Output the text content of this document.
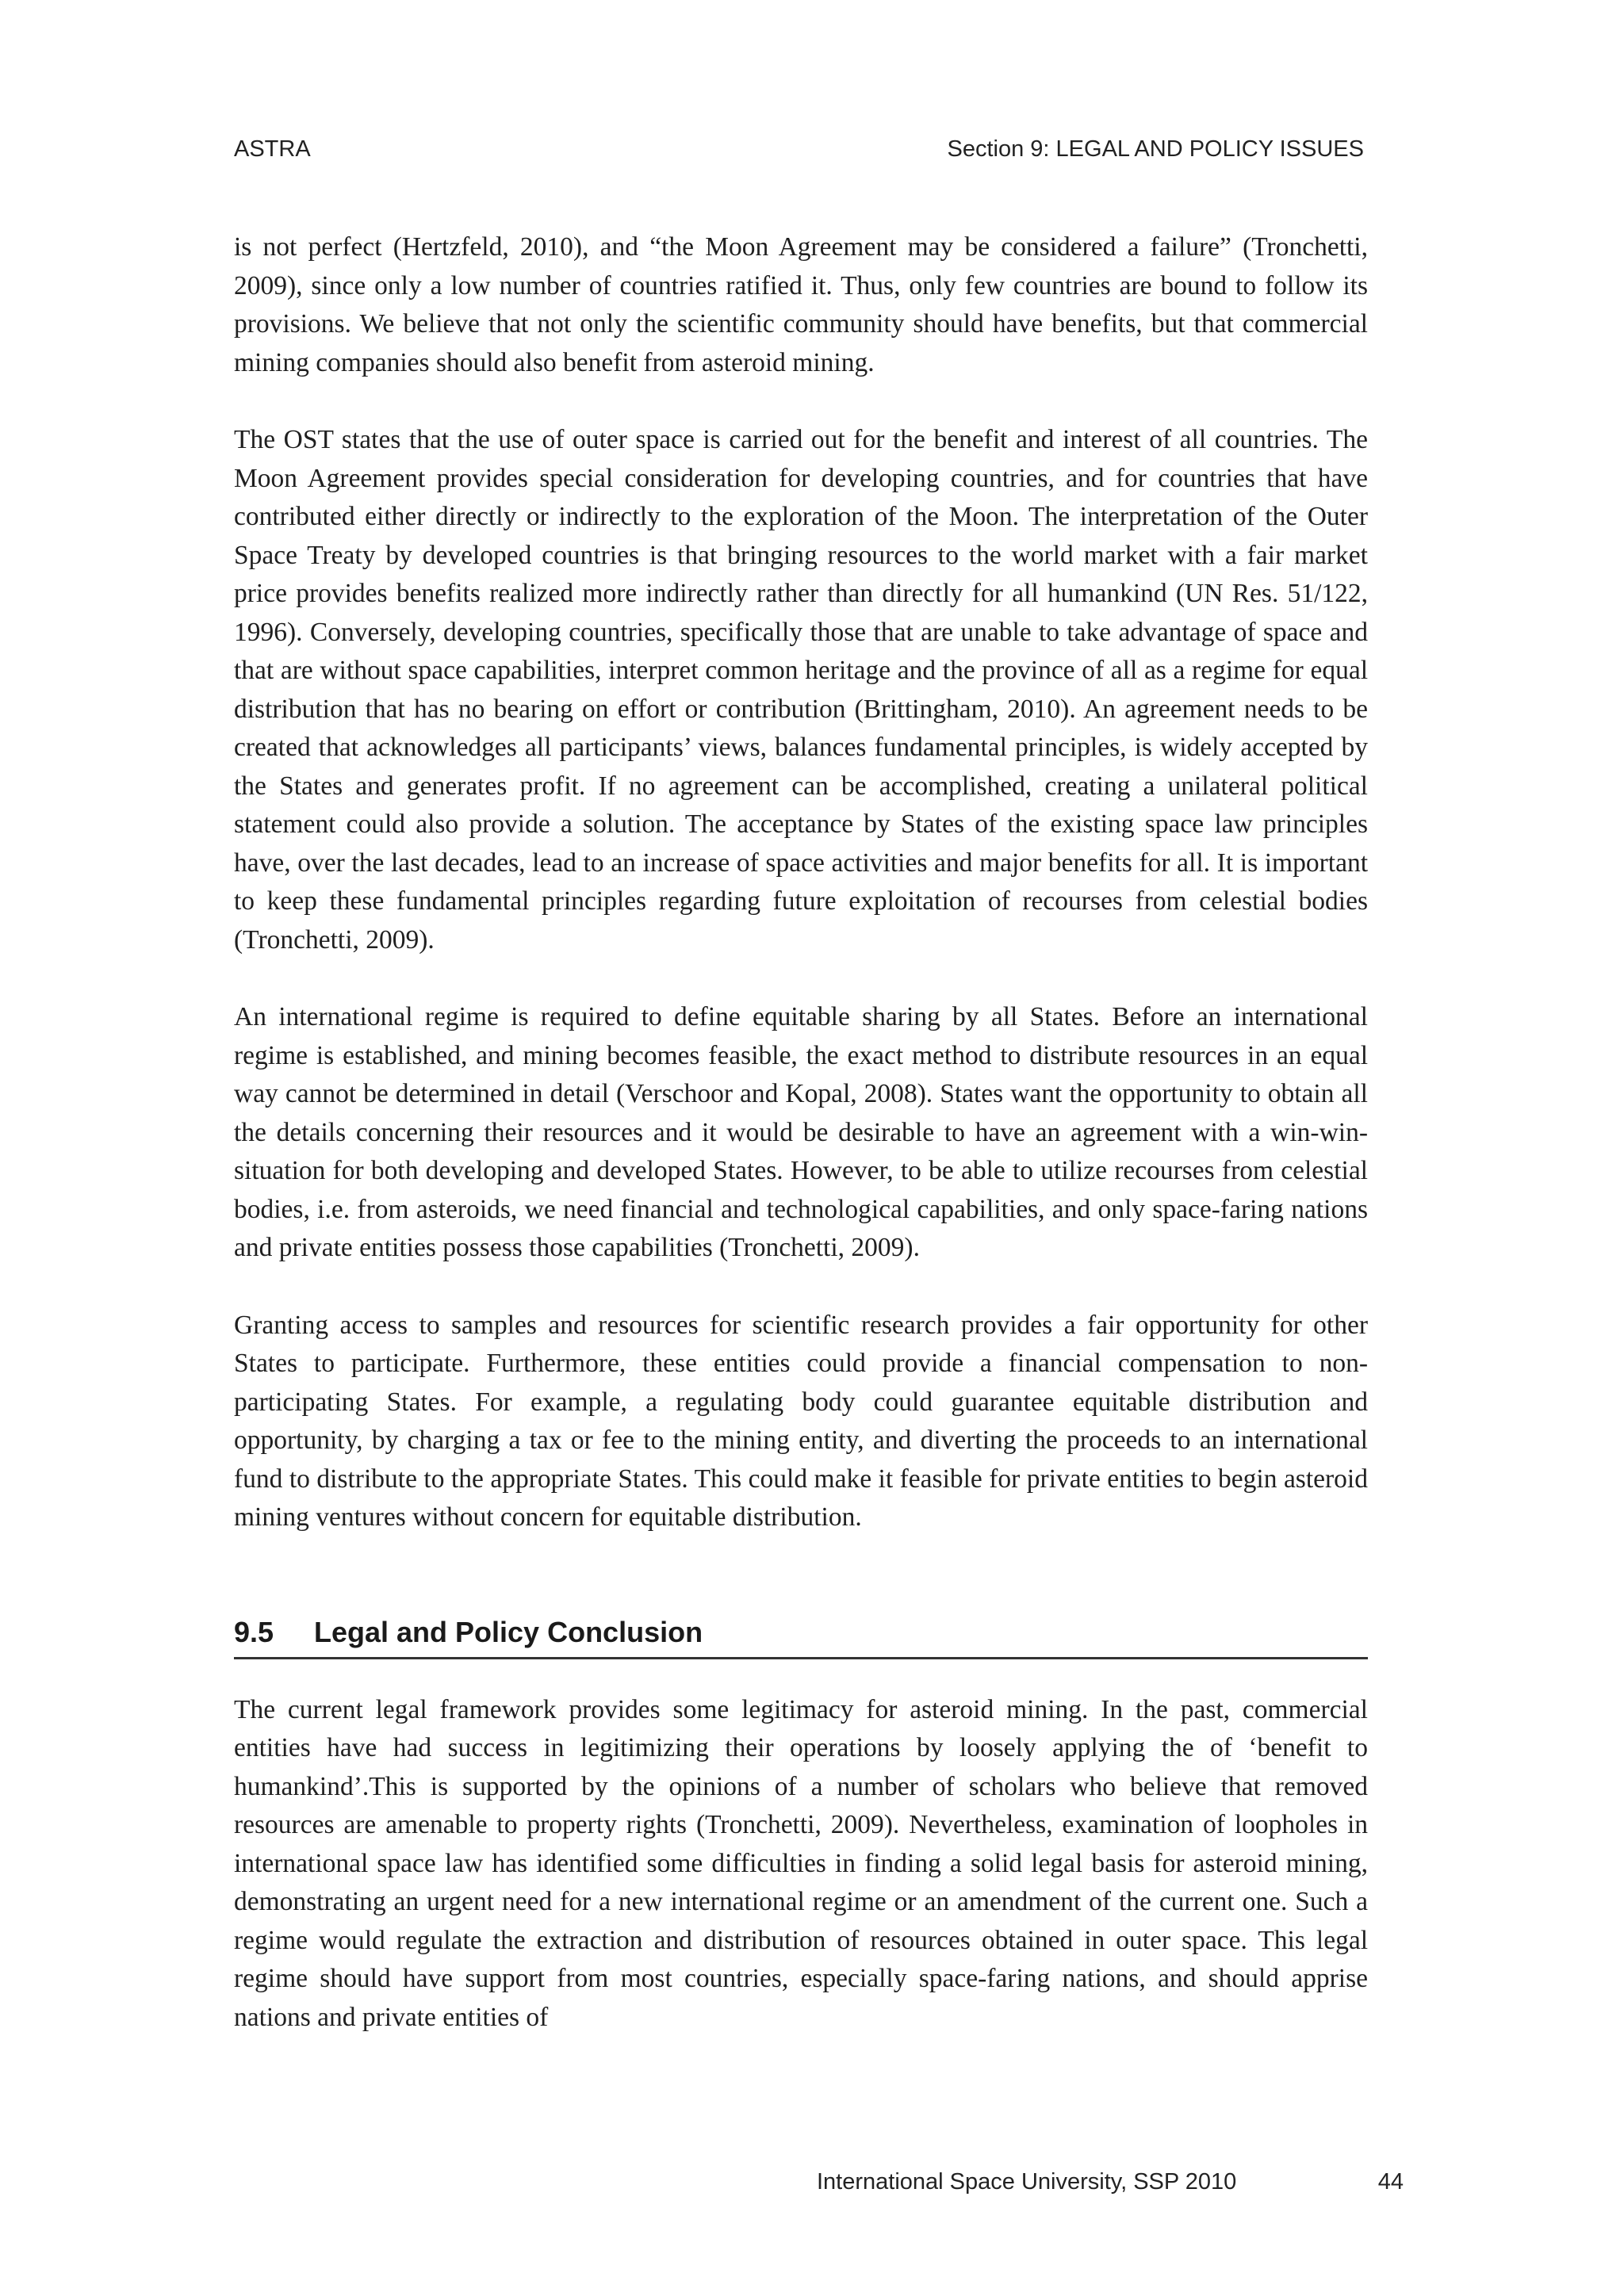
ASTRA	Section 9: LEGAL AND POLICY ISSUES

is not perfect (Hertzfeld, 2010), and “the Moon Agreement may be considered a failure” (Tronchetti, 2009), since only a low number of countries ratified it. Thus, only few countries are bound to follow its provisions. We believe that not only the scientific community should have benefits, but that commercial mining companies should also benefit from asteroid mining.

The OST states that the use of outer space is carried out for the benefit and interest of all countries. The Moon Agreement provides special consideration for developing countries, and for countries that have contributed either directly or indirectly to the exploration of the Moon. The interpretation of the Outer Space Treaty by developed countries is that bringing resources to the world market with a fair market price provides benefits realized more indirectly rather than directly for all humankind (UN Res. 51/122, 1996). Conversely, developing countries, specifically those that are unable to take advantage of space and that are without space capabilities, interpret common heritage and the province of all as a regime for equal distribution that has no bearing on effort or contribution (Brittingham, 2010). An agreement needs to be created that acknowledges all participants’ views, balances fundamental principles, is widely accepted by the States and generates profit. If no agreement can be accomplished, creating a unilateral political statement could also provide a solution. The acceptance by States of the existing space law principles have, over the last decades, lead to an increase of space activities and major benefits for all. It is important to keep these fundamental principles regarding future exploitation of recourses from celestial bodies (Tronchetti, 2009).

An international regime is required to define equitable sharing by all States. Before an international regime is established, and mining becomes feasible, the exact method to distribute resources in an equal way cannot be determined in detail (Verschoor and Kopal, 2008). States want the opportunity to obtain all the details concerning their resources and it would be desirable to have an agreement with a win-win-situation for both developing and developed States. However, to be able to utilize recourses from celestial bodies, i.e. from asteroids, we need financial and technological capabilities, and only space-faring nations and private entities possess those capabilities (Tronchetti, 2009).

Granting access to samples and resources for scientific research provides a fair opportunity for other States to participate. Furthermore, these entities could provide a financial compensation to non-participating States. For example, a regulating body could guarantee equitable distribution and opportunity, by charging a tax or fee to the mining entity, and diverting the proceeds to an international fund to distribute to the appropriate States. This could make it feasible for private entities to begin asteroid mining ventures without concern for equitable distribution.

9.5 Legal and Policy Conclusion

The current legal framework provides some legitimacy for asteroid mining. In the past, commercial entities have had success in legitimizing their operations by loosely applying the of ‘benefit to humankind’.This is supported by the opinions of a number of scholars who believe that removed resources are amenable to property rights (Tronchetti, 2009). Nevertheless, examination of loopholes in international space law has identified some difficulties in finding a solid legal basis for asteroid mining, demonstrating an urgent need for a new international regime or an amendment of the current one. Such a regime would regulate the extraction and distribution of resources obtained in outer space. This legal regime should have support from most countries, especially space-faring nations, and should apprise nations and private entities of

International Space University, SSP 2010	44
